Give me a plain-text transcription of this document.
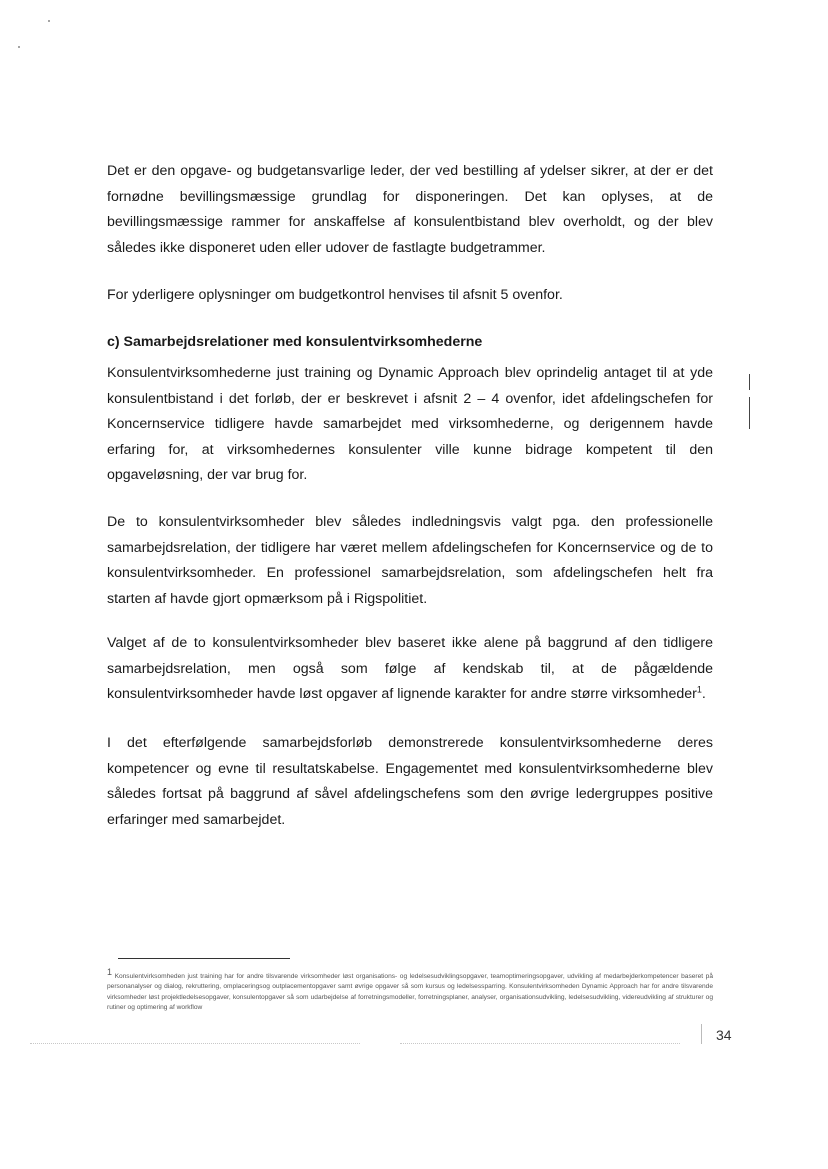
Det er den opgave- og budgetansvarlige leder, der ved bestilling af ydelser sikrer, at der er det fornødne bevillingsmæssige grundlag for disponeringen. Det kan oplyses, at de bevillingsmæssige rammer for anskaffelse af konsulentbistand blev overholdt, og der blev således ikke disponeret uden eller udover de fastlagte budgetrammer.

For yderligere oplysninger om budgetkontrol henvises til afsnit 5 ovenfor.

c) Samarbejdsrelationer med konsulentvirksomhederne

Konsulentvirksomhederne just training og Dynamic Approach blev oprindelig antaget til at yde konsulentbistand i det forløb, der er beskrevet i afsnit 2 – 4 ovenfor, idet afdelingschefen for Koncernservice tidligere havde samarbejdet med virksomhederne, og derigennem havde erfaring for, at virksomhedernes konsulenter ville kunne bidrage kompetent til den opgaveløsning, der var brug for.

De to konsulentvirksomheder blev således indledningsvis valgt pga. den professionelle samarbejdsrelation, der tidligere har været mellem afdelingschefen for Koncernservice og de to konsulentvirksomheder. En professionel samarbejdsrelation, som afdelingschefen helt fra starten af havde gjort opmærksom på i Rigspolitiet.

Valget af de to konsulentvirksomheder blev baseret ikke alene på baggrund af den tidligere samarbejdsrelation, men også som følge af kendskab til, at de pågældende konsulentvirksomheder havde løst opgaver af lignende karakter for andre større virksomheder$^1$.

I det efterfølgende samarbejdsforløb demonstrerede konsulentvirksomhederne deres kompetencer og evne til resultatskabelse. Engagementet med konsulentvirksomhederne blev således fortsat på baggrund af såvel afdelingschefens som den øvrige ledergruppes positive erfaringer med samarbejdet.

$^1$ Konsulentvirksomheden just training har for andre tilsvarende virksomheder løst organisations- og ledelsesudviklingsopgaver, teamoptimeringsopgaver, udvikling af medarbejderkompetencer baseret på personanalyser og dialog, rekruttering, omplaceringsog outplacementopgaver samt øvrige opgaver så som kursus og ledelsessparring. Konsulentvirksomheden Dynamic Approach har for andre tilsvarende virksomheder løst projektledelsesopgaver, konsulentopgaver så som udarbejdelse af forretningsmodeller, forretningsplaner, analyser, organisationsudvikling, ledelsesudvikling, videreudvikling af strukturer og rutiner og optimering af workflow

34
